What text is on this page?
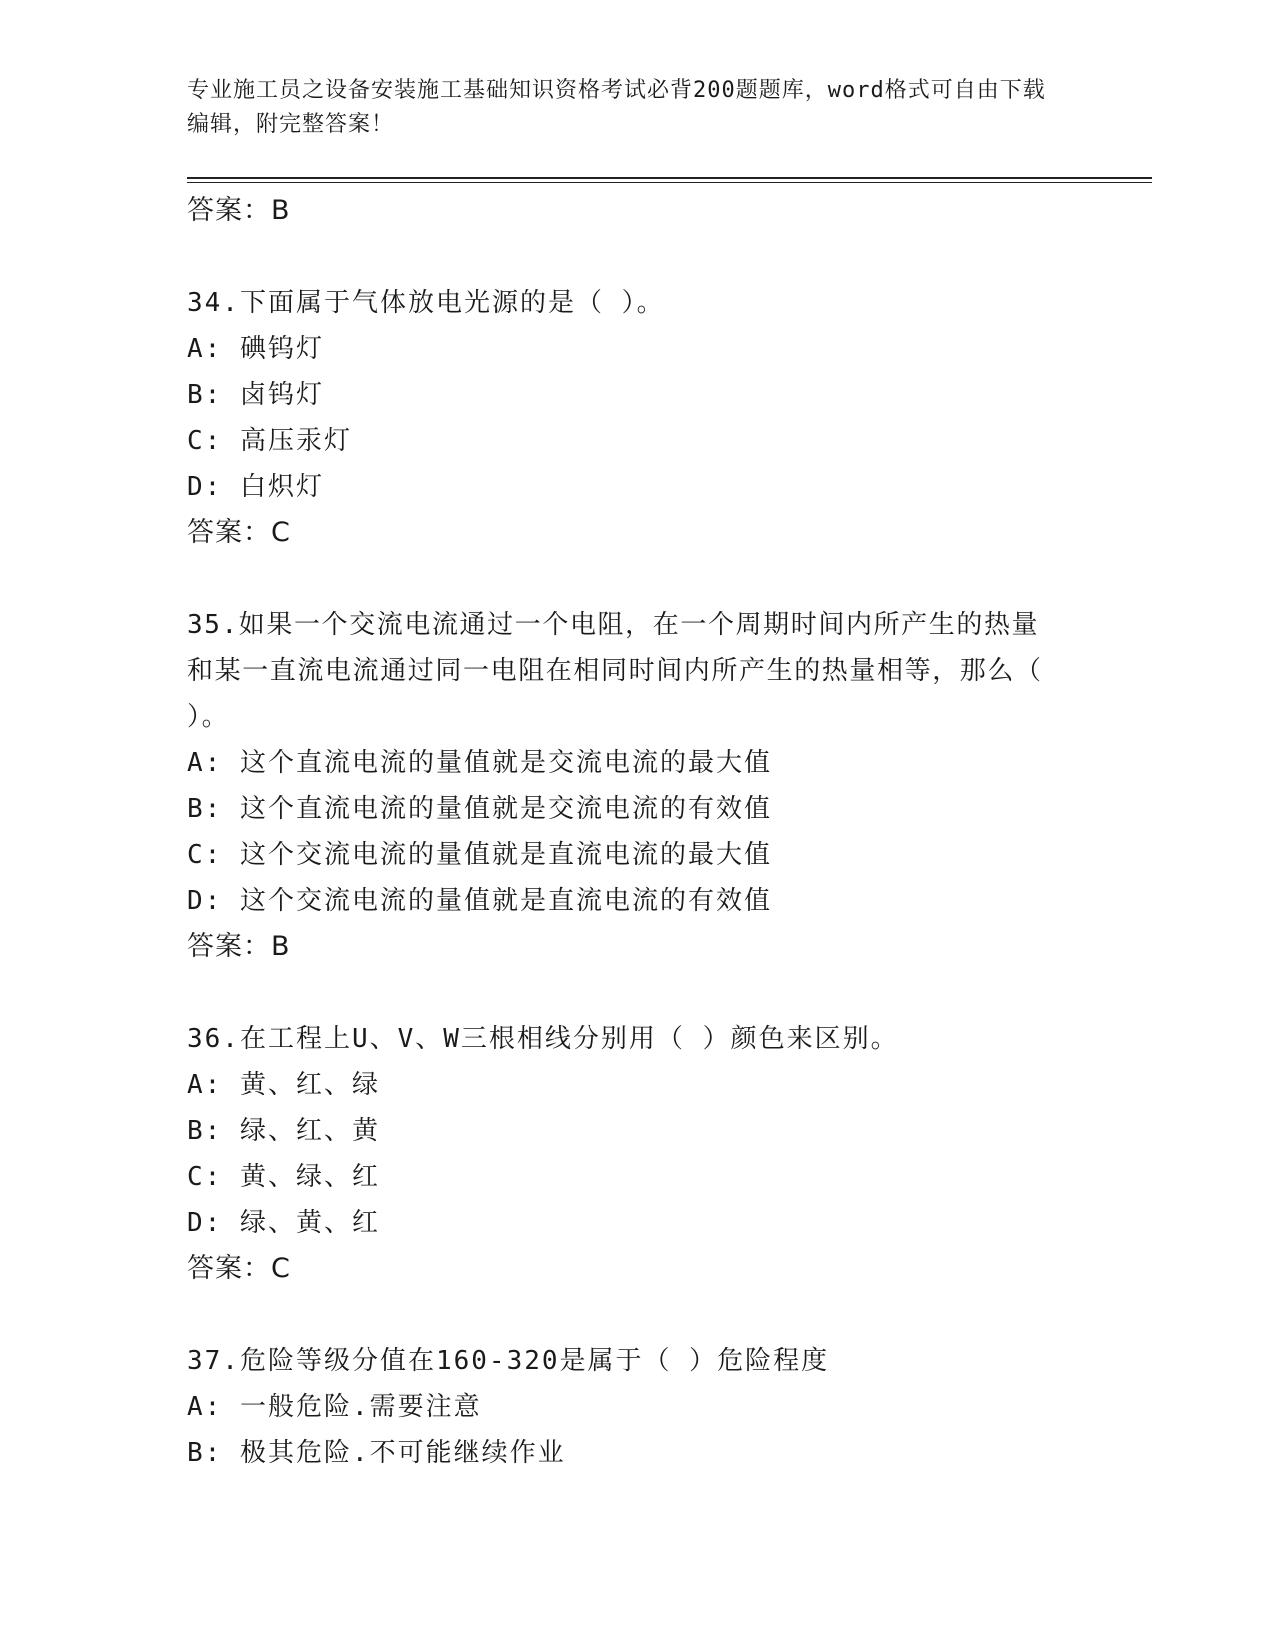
专业施工员之设备安装施工基础知识资格考试必背200题题库，word格式可自由下载编辑，附完整答案！

答案：B

34.下面属于气体放电光源的是（ ）。

A: 碘钨灯

B: 卤钨灯

C: 高压汞灯

D: 白炽灯

答案：C

35.如果一个交流电流通过一个电阻，在一个周期时间内所产生的热量和某一直流电流通过同一电阻在相同时间内所产生的热量相等，那么（ ）。

A: 这个直流电流的量值就是交流电流的最大值

B: 这个直流电流的量值就是交流电流的有效值

C: 这个交流电流的量值就是直流电流的最大值

D: 这个交流电流的量值就是直流电流的有效值

答案：B

36.在工程上U、V、W三根相线分别用（ ）颜色来区别。

A: 黄、红、绿

B: 绿、红、黄

C: 黄、绿、红

D: 绿、黄、红

答案：C

37.危险等级分值在160-320是属于（ ）危险程度

A: 一般危险.需要注意

B: 极其危险.不可能继续作业
